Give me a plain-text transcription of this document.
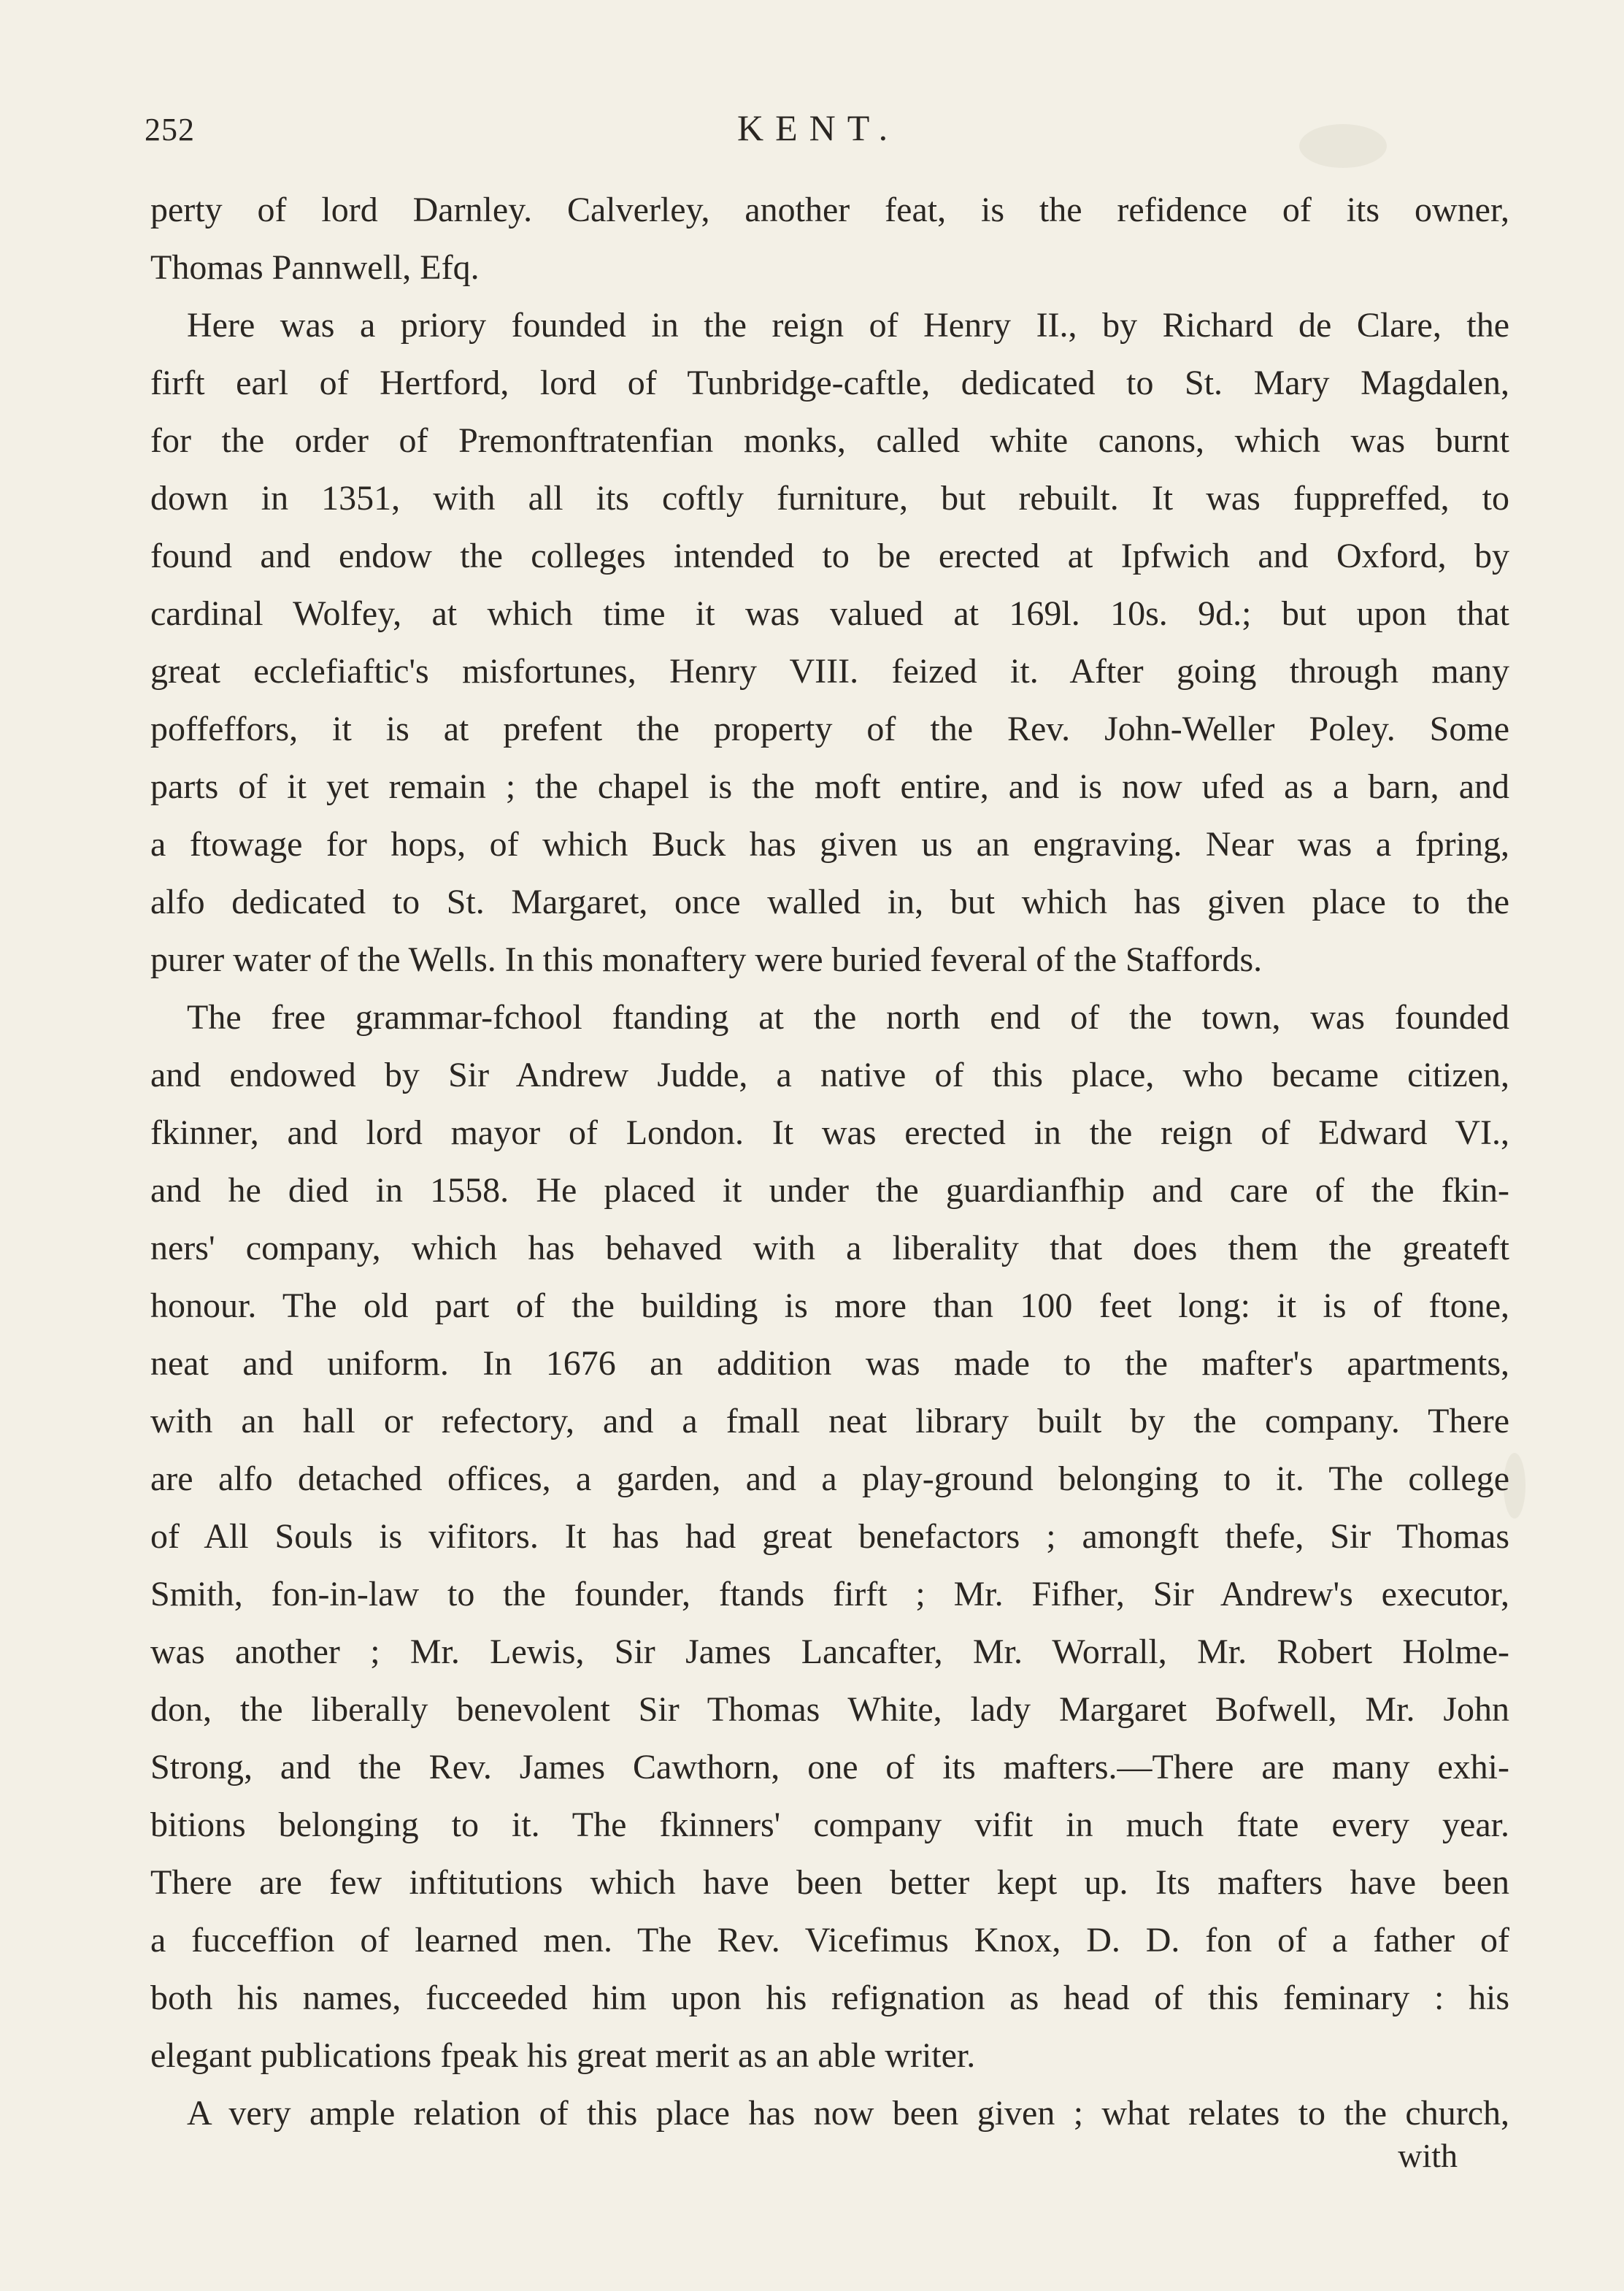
252	KENT.
perty of lord Darnley. Calverley, another feat, is the refidence of its owner,
Thomas Pannwell, Efq.
Here was a priory founded in the reign of Henry II., by Richard de Clare, the
firft earl of Hertford, lord of Tunbridge-caftle, dedicated to St. Mary Magdalen,
for the order of Premonftratenfian monks, called white canons, which was burnt
down in 1351, with all its coftly furniture, but rebuilt. It was fuppreffed, to
found and endow the colleges intended to be erected at Ipfwich and Oxford, by
cardinal Wolfey, at which time it was valued at 169l. 10s. 9d.; but upon that
great ecclefiaftic's misfortunes, Henry VIII. feized it. After going through many
poffeffors, it is at prefent the property of the Rev. John-Weller Poley. Some
parts of it yet remain ; the chapel is the moft entire, and is now ufed as a barn, and
a ftowage for hops, of which Buck has given us an engraving. Near was a fpring,
alfo dedicated to St. Margaret, once walled in, but which has given place to the
purer water of the Wells. In this monaftery were buried feveral of the Staffords.
The free grammar-fchool ftanding at the north end of the town, was founded
and endowed by Sir Andrew Judde, a native of this place, who became citizen,
fkinner, and lord mayor of London. It was erected in the reign of Edward VI.,
and he died in 1558. He placed it under the guardianfhip and care of the fkin-
ners' company, which has behaved with a liberality that does them the greateft
honour. The old part of the building is more than 100 feet long: it is of ftone,
neat and uniform. In 1676 an addition was made to the mafter's apartments,
with an hall or refectory, and a fmall neat library built by the company. There
are alfo detached offices, a garden, and a play-ground belonging to it. The college
of All Souls is vifitors. It has had great benefactors ; amongft thefe, Sir Thomas
Smith, fon-in-law to the founder, ftands firft ; Mr. Fifher, Sir Andrew's executor,
was another ; Mr. Lewis, Sir James Lancafter, Mr. Worrall, Mr. Robert Holme-
don, the liberally benevolent Sir Thomas White, lady Margaret Bofwell, Mr. John
Strong, and the Rev. James Cawthorn, one of its mafters.—There are many exhi-
bitions belonging to it. The fkinners' company vifit in much ftate every year.
There are few inftitutions which have been better kept up. Its mafters have been
a fucceffion of learned men. The Rev. Vicefimus Knox, D. D. fon of a father of
both his names, fucceeded him upon his refignation as head of this feminary : his
elegant publications fpeak his great merit as an able writer.
A very ample relation of this place has now been given ; what relates to the church,
with
